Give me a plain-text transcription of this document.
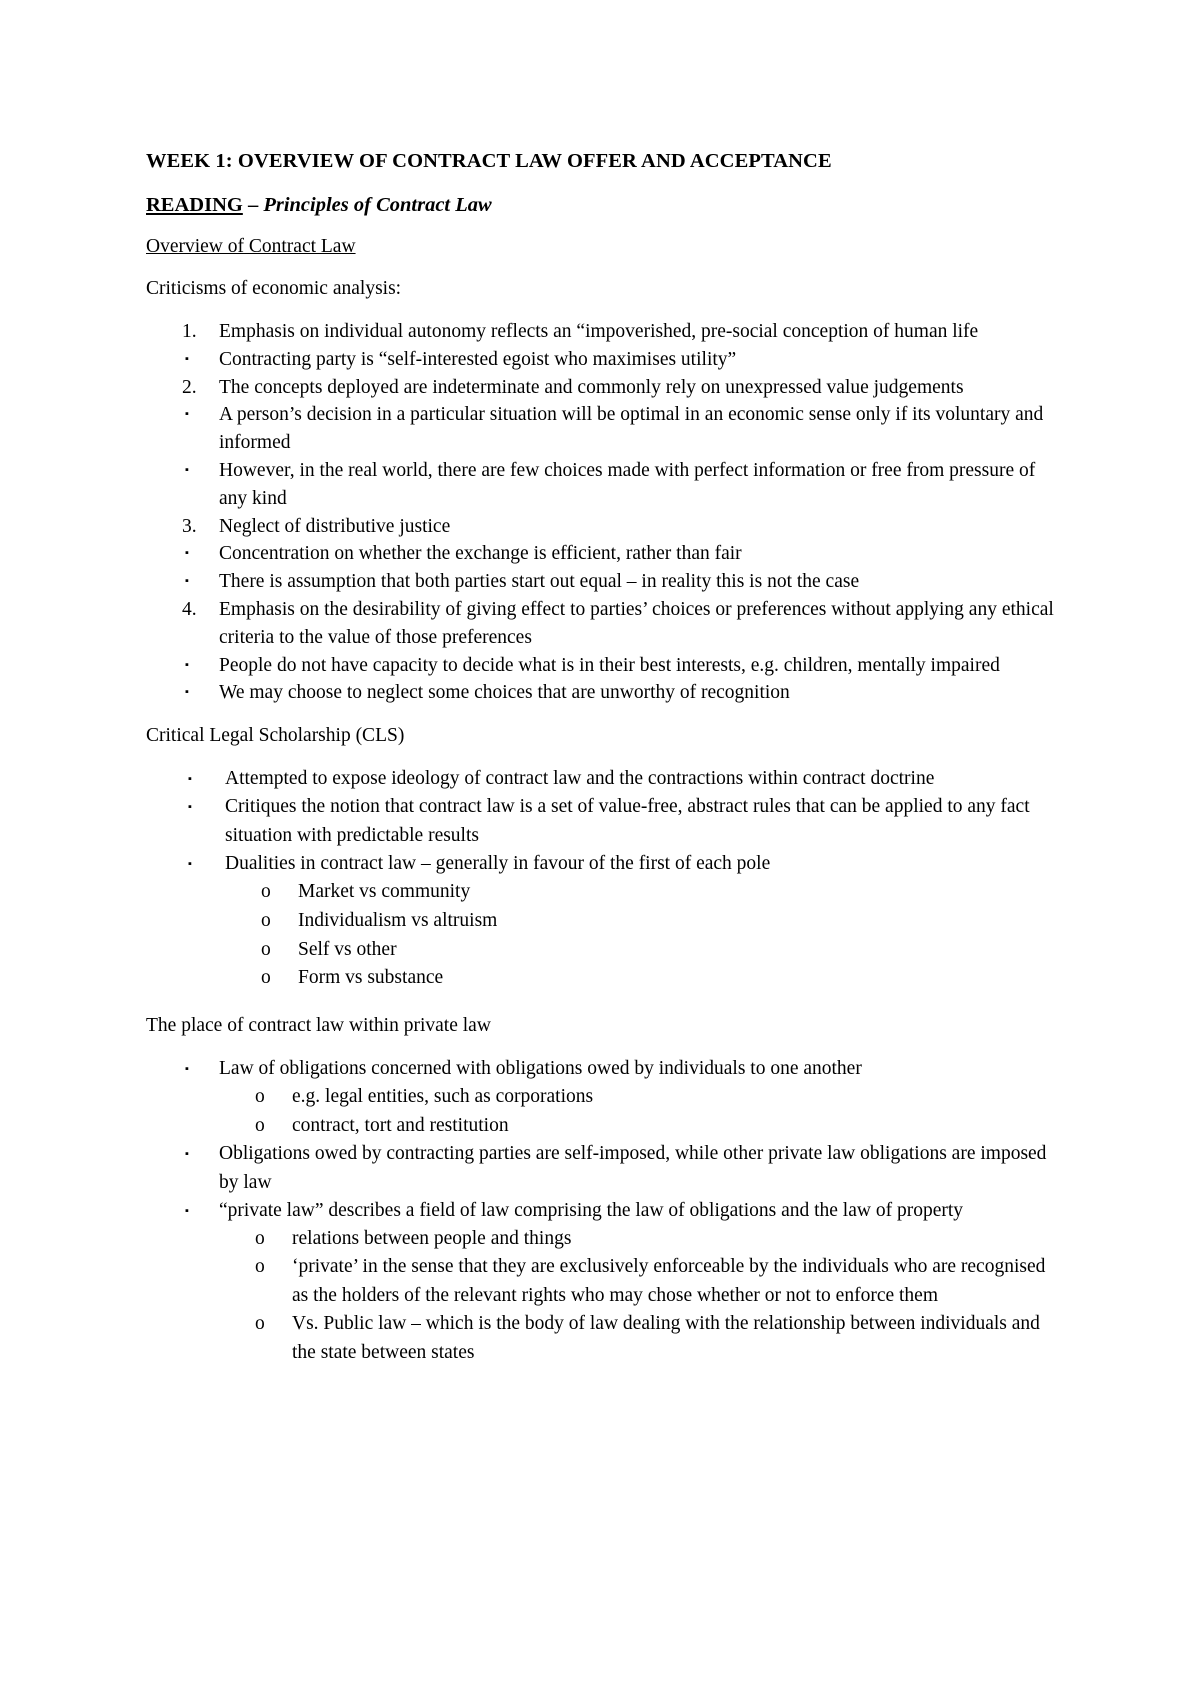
WEEK 1: OVERVIEW OF CONTRACT LAW OFFER AND ACCEPTANCE
READING – Principles of Contract Law
Overview of Contract Law
Criticisms of economic analysis:
1. Emphasis on individual autonomy reflects an “impoverished, pre-social conception of human life
▪ Contracting party is “self-interested egoist who maximises utility”
2. The concepts deployed are indeterminate and commonly rely on unexpressed value judgements
▪ A person’s decision in a particular situation will be optimal in an economic sense only if its voluntary and informed
▪ However, in the real world, there are few choices made with perfect information or free from pressure of any kind
3. Neglect of distributive justice
▪ Concentration on whether the exchange is efficient, rather than fair
▪ There is assumption that both parties start out equal – in reality this is not the case
4. Emphasis on the desirability of giving effect to parties’ choices or preferences without applying any ethical criteria to the value of those preferences
▪ People do not have capacity to decide what is in their best interests, e.g. children, mentally impaired
▪ We may choose to neglect some choices that are unworthy of recognition
Critical Legal Scholarship (CLS)
▪ Attempted to expose ideology of contract law and the contractions within contract doctrine
▪ Critiques the notion that contract law is a set of value-free, abstract rules that can be applied to any fact situation with predictable results
▪ Dualities in contract law – generally in favour of the first of each pole
o Market vs community
o Individualism vs altruism
o Self vs other
o Form vs substance
The place of contract law within private law
▪ Law of obligations concerned with obligations owed by individuals to one another
o e.g. legal entities, such as corporations
o contract, tort and restitution
▪ Obligations owed by contracting parties are self-imposed, while other private law obligations are imposed by law
▪ “private law” describes a field of law comprising the law of obligations and the law of property
o relations between people and things
o ‘private’ in the sense that they are exclusively enforceable by the individuals who are recognised as the holders of the relevant rights who may chose whether or not to enforce them
o Vs. Public law – which is the body of law dealing with the relationship between individuals and the state between states
